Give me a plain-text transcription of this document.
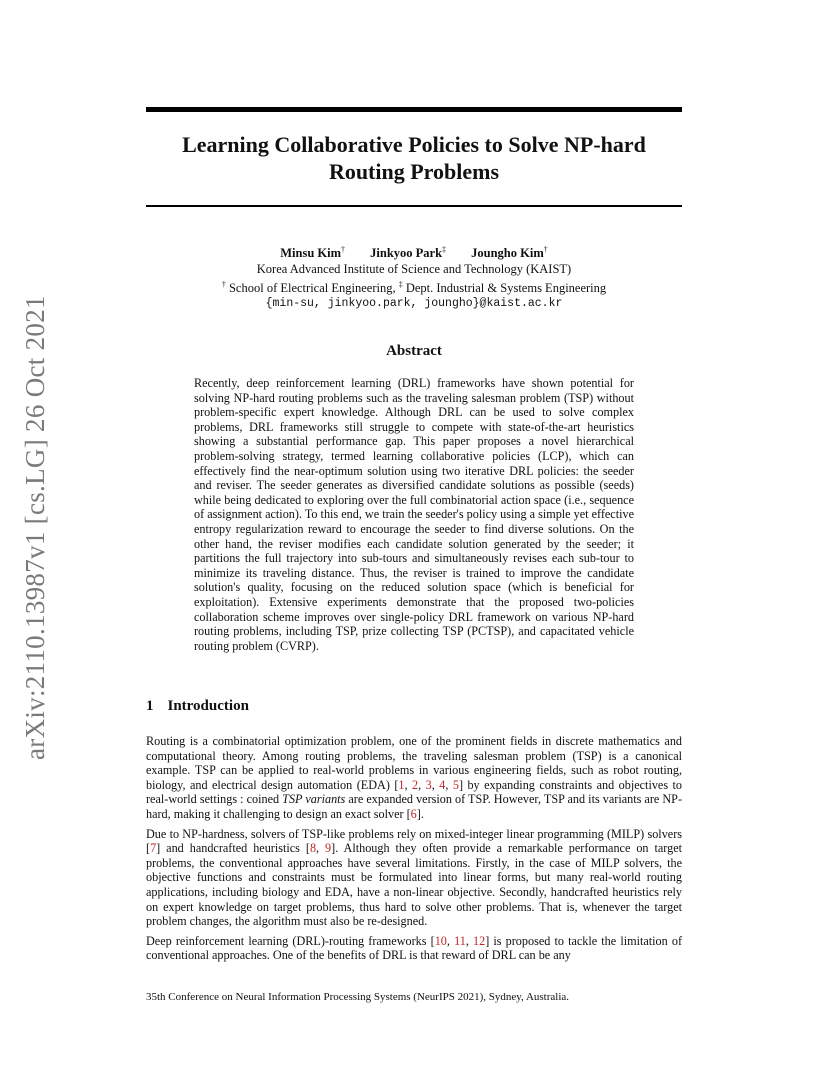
arXiv:2110.13987v1 [cs.LG] 26 Oct 2021
Learning Collaborative Policies to Solve NP-hard
Routing Problems
Minsu Kim† Jinkyoo Park‡ Joungho Kim†
Korea Advanced Institute of Science and Technology (KAIST)
† School of Electrical Engineering, ‡ Dept. Industrial & Systems Engineering
{min-su, jinkyoo.park, joungho}@kaist.ac.kr
Abstract
Recently, deep reinforcement learning (DRL) frameworks have shown potential for solving NP-hard routing problems such as the traveling salesman problem (TSP) without problem-specific expert knowledge. Although DRL can be used to solve complex problems, DRL frameworks still struggle to compete with state-of-the-art heuristics showing a substantial performance gap. This paper proposes a novel hierarchical problem-solving strategy, termed learning collaborative policies (LCP), which can effectively find the near-optimum solution using two iterative DRL policies: the seeder and reviser. The seeder generates as diversified candidate solutions as possible (seeds) while being dedicated to exploring over the full combinatorial action space (i.e., sequence of assignment action). To this end, we train the seeder's policy using a simple yet effective entropy regularization reward to encourage the seeder to find diverse solutions. On the other hand, the reviser modifies each candidate solution generated by the seeder; it partitions the full trajectory into sub-tours and simultaneously revises each sub-tour to minimize its traveling distance. Thus, the reviser is trained to improve the candidate solution's quality, focusing on the reduced solution space (which is beneficial for exploitation). Extensive experiments demonstrate that the proposed two-policies collaboration scheme improves over single-policy DRL framework on various NP-hard routing problems, including TSP, prize collecting TSP (PCTSP), and capacitated vehicle routing problem (CVRP).
1 Introduction

Routing is a combinatorial optimization problem, one of the prominent fields in discrete mathematics and computational theory. Among routing problems, the traveling salesman problem (TSP) is a canonical example. TSP can be applied to real-world problems in various engineering fields, such as robot routing, biology, and electrical design automation (EDA) [1, 2, 3, 4, 5] by expanding constraints and objectives to real-world settings : coined TSP variants are expanded version of TSP. However, TSP and its variants are NP-hard, making it challenging to design an exact solver [6].

Due to NP-hardness, solvers of TSP-like problems rely on mixed-integer linear programming (MILP) solvers [7] and handcrafted heuristics [8, 9]. Although they often provide a remarkable performance on target problems, the conventional approaches have several limitations. Firstly, in the case of MILP solvers, the objective functions and constraints must be formulated into linear forms, but many real-world routing applications, including biology and EDA, have a non-linear objective. Secondly, handcrafted heuristics rely on expert knowledge on target problems, thus hard to solve other problems. That is, whenever the target problem changes, the algorithm must also be re-designed.

Deep reinforcement learning (DRL)-routing frameworks [10, 11, 12] is proposed to tackle the limitation of conventional approaches. One of the benefits of DRL is that reward of DRL can be any

35th Conference on Neural Information Processing Systems (NeurIPS 2021), Sydney, Australia.
